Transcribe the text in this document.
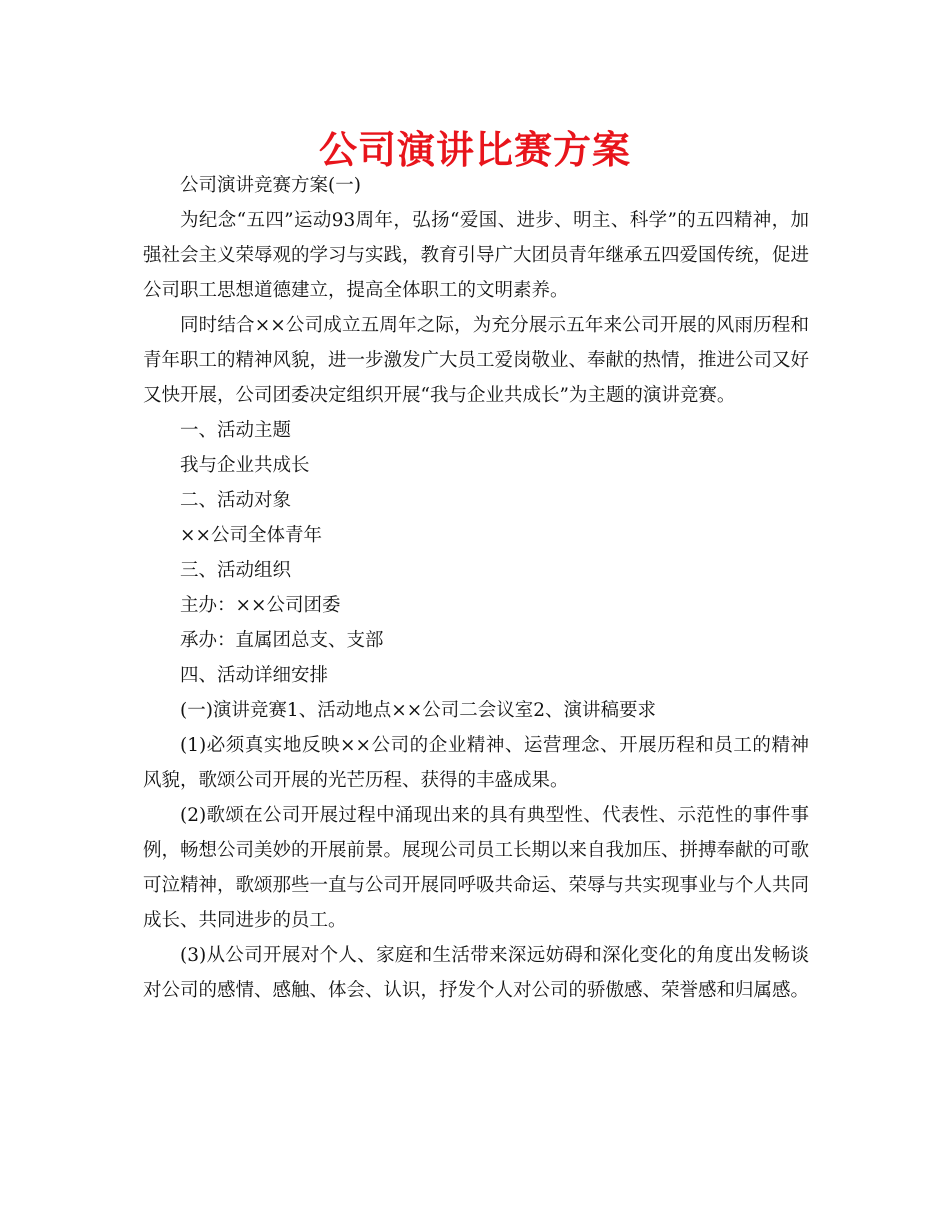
公司演讲比赛方案

公司演讲竞赛方案(一)

为纪念“五四”运动93周年，弘扬“爱国、进步、明主、科学”的五四精神，加强社会主义荣辱观的学习与实践，教育引导广大团员青年继承五四爱国传统，促进公司职工思想道德建立，提高全体职工的文明素养。

同时结合××公司成立五周年之际，为充分展示五年来公司开展的风雨历程和青年职工的精神风貌，进一步激发广大员工爱岗敬业、奉献的热情，推进公司又好又快开展，公司团委决定组织开展“我与企业共成长”为主题的演讲竞赛。

一、活动主题

我与企业共成长

二、活动对象

××公司全体青年

三、活动组织

主办：××公司团委

承办：直属团总支、支部

四、活动详细安排

(一)演讲竞赛1、活动地点××公司二会议室2、演讲稿要求

(1)必须真实地反映××公司的企业精神、运营理念、开展历程和员工的精神风貌，歌颂公司开展的光芒历程、获得的丰盛成果。

(2)歌颂在公司开展过程中涌现出来的具有典型性、代表性、示范性的事件事例，畅想公司美妙的开展前景。展现公司员工长期以来自我加压、拼搏奉献的可歌可泣精神，歌颂那些一直与公司开展同呼吸共命运、荣辱与共实现事业与个人共同成长、共同进步的员工。

(3)从公司开展对个人、家庭和生活带来深远妨碍和深化变化的角度出发畅谈对公司的感情、感触、体会、认识，抒发个人对公司的骄傲感、荣誉感和归属感。
